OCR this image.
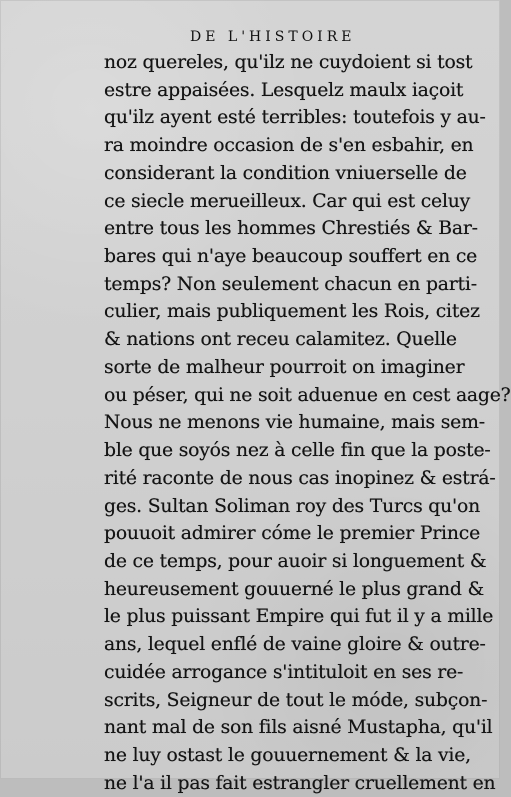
DE L'HISTOIRE
noz quereles, qu'ilz ne cuydoient si tost
estre appaisées. Lesquelz maulx iaçoit
qu'ilz ayent esté terribles: toutefois y au-
ra moindre occasion de s'en esbahir, en
considerant la condition vniuerselle de
ce siecle merueilleux. Car qui est celuy
entre tous les hommes Chrestiés & Bar-
bares qui n'aye beaucoup souffert en ce
temps? Non seulement chacun en parti-
culier, mais publiquement les Rois, citez
& nations ont receu calamitez. Quelle
sorte de malheur pourroit on imaginer
ou péser, qui ne soit aduenue en cest aage?
Nous ne menons vie humaine, mais sem-
ble que soyós nez à celle fin que la poste-
rité raconte de nous cas inopinez & estrá-
ges. Sultan Soliman roy des Turcs qu'on
pouuoit admirer cóme le premier Prince
de ce temps, pour auoir si longuement &
heureusement gouuerné le plus grand &
le plus puissant Empire qui fut il y a mille
ans, lequel enflé de vaine gloire & outre-
cuidée arrogance s'intituloit en ses re-
scrits, Seigneur de tout le móde, subçon-
nant mal de son fils aisné Mustapha, qu'il
ne luy ostast le gouuernement & la vie,
ne l'a il pas fait estrangler cruellement en
